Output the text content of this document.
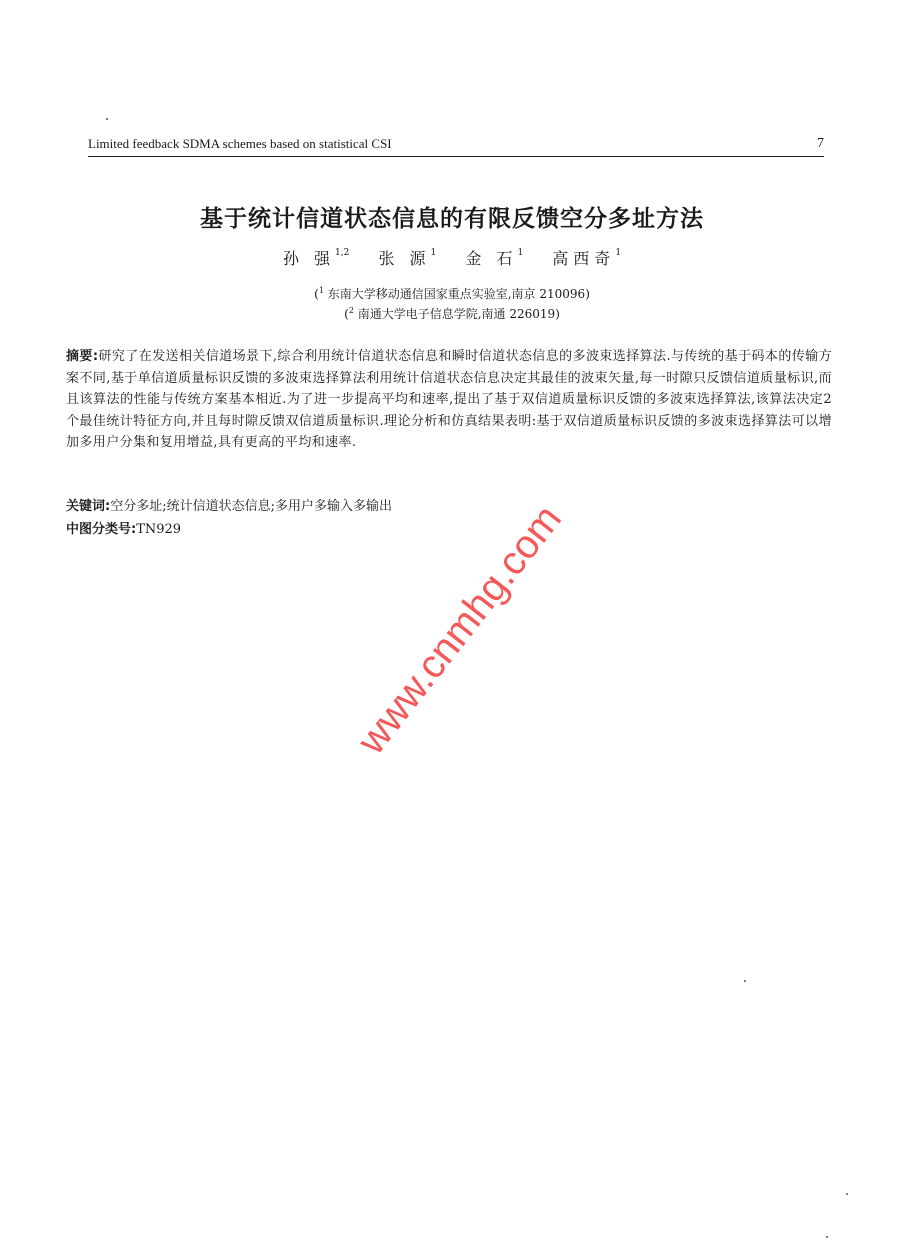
Limited feedback SDMA schemes based on statistical CSI	7
基于统计信道状态信息的有限反馈空分多址方法
孙 强$^{1,2}$ 张 源$^1$ 金 石$^1$ 高西奇$^1$
($^1$ 东南大学移动通信国家重点实验室,南京 210096)
($^2$ 南通大学电子信息学院,南通 226019)
摘要:研究了在发送相关信道场景下,综合利用统计信道状态信息和瞬时信道状态信息的多波束选择算法.与传统的基于码本的传输方案不同,基于单信道质量标识反馈的多波束选择算法利用统计信道状态信息决定其最佳的波束矢量,每一时隙只反馈信道质量标识,而且该算法的性能与传统方案基本相近.为了进一步提高平均和速率,提出了基于双信道质量标识反馈的多波束选择算法,该算法决定2个最佳统计特征方向,并且每时隙反馈双信道质量标识.理论分析和仿真结果表明:基于双信道质量标识反馈的多波束选择算法可以增加多用户分集和复用增益,具有更高的平均和速率.
关键词:空分多址;统计信道状态信息;多用户多输入多输出
中图分类号:TN929	www.cnmhg.com
